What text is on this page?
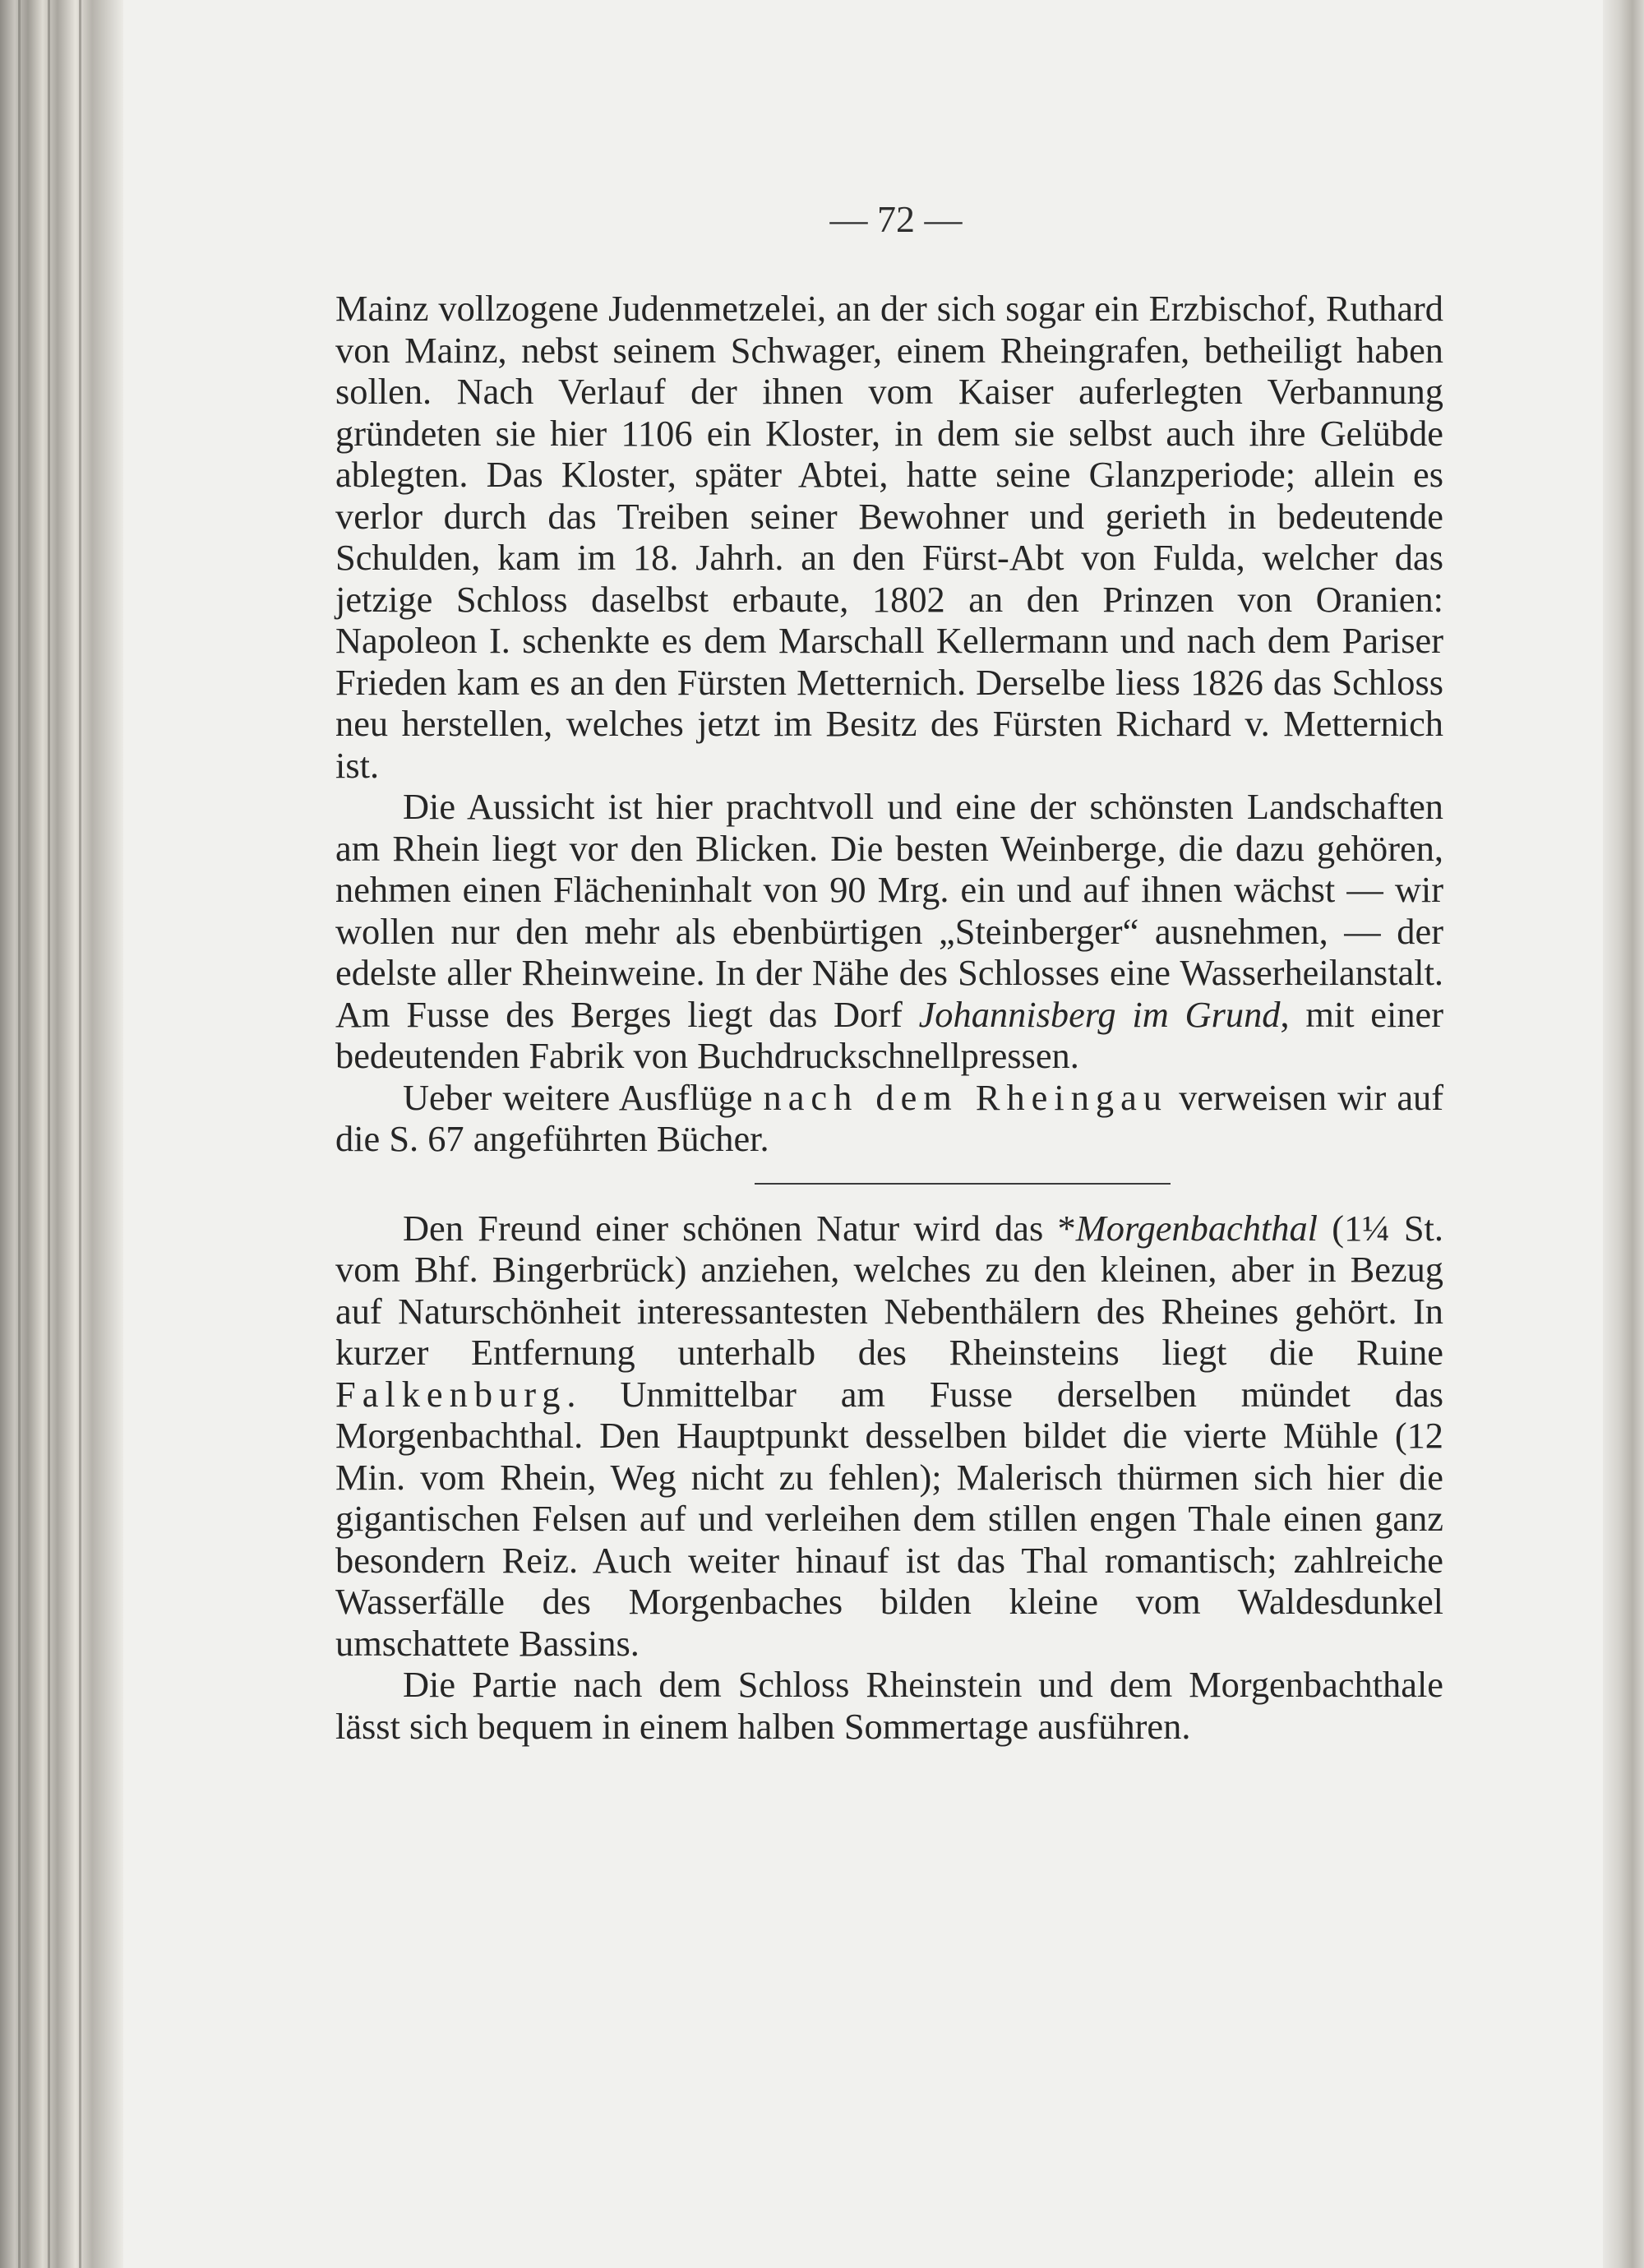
— 72 —

Mainz vollzogene Judenmetzelei, an der sich sogar ein Erzbischof, Ruthard von Mainz, nebst seinem Schwager, einem Rheingrafen, betheiligt haben sollen. Nach Verlauf der ihnen vom Kaiser auferlegten Verbannung gründeten sie hier 1106 ein Kloster, in dem sie selbst auch ihre Gelübde ablegten. Das Kloster, später Abtei, hatte seine Glanzperiode; allein es verlor durch das Treiben seiner Bewohner und gerieth in bedeutende Schulden, kam im 18. Jahrh. an den Fürst-Abt von Fulda, welcher das jetzige Schloss daselbst erbaute, 1802 an den Prinzen von Oranien: Napoleon I. schenkte es dem Marschall Kellermann und nach dem Pariser Frieden kam es an den Fürsten Metternich. Derselbe liess 1826 das Schloss neu herstellen, welches jetzt im Besitz des Fürsten Richard v. Metternich ist.

Die Aussicht ist hier prachtvoll und eine der schönsten Landschaften am Rhein liegt vor den Blicken. Die besten Weinberge, die dazu gehören, nehmen einen Flächeninhalt von 90 Mrg. ein und auf ihnen wächst — wir wollen nur den mehr als ebenbürtigen „Steinberger“ ausnehmen, — der edelste aller Rheinweine. In der Nähe des Schlosses eine Wasserheilanstalt. Am Fusse des Berges liegt das Dorf Johannisberg im Grund, mit einer bedeutenden Fabrik von Buchdruckschnellpressen.

Ueber weitere Ausflüge nach dem Rheingau verweisen wir auf die S. 67 angeführten Bücher.

Den Freund einer schönen Natur wird das *Morgenbachthal (1¼ St. vom Bhf. Bingerbrück) anziehen, welches zu den kleinen, aber in Bezug auf Naturschönheit interessantesten Nebenthälern des Rheines gehört. In kurzer Entfernung unterhalb des Rheinsteins liegt die Ruine Falkenburg. Unmittelbar am Fusse derselben mündet das Morgenbachthal. Den Hauptpunkt desselben bildet die vierte Mühle (12 Min. vom Rhein, Weg nicht zu fehlen); Malerisch thürmen sich hier die gigantischen Felsen auf und verleihen dem stillen engen Thale einen ganz besondern Reiz. Auch weiter hinauf ist das Thal romantisch; zahlreiche Wasserfälle des Morgenbaches bilden kleine vom Waldesdunkel umschattete Bassins.

Die Partie nach dem Schloss Rheinstein und dem Morgenbachthale lässt sich bequem in einem halben Sommertage ausführen.
